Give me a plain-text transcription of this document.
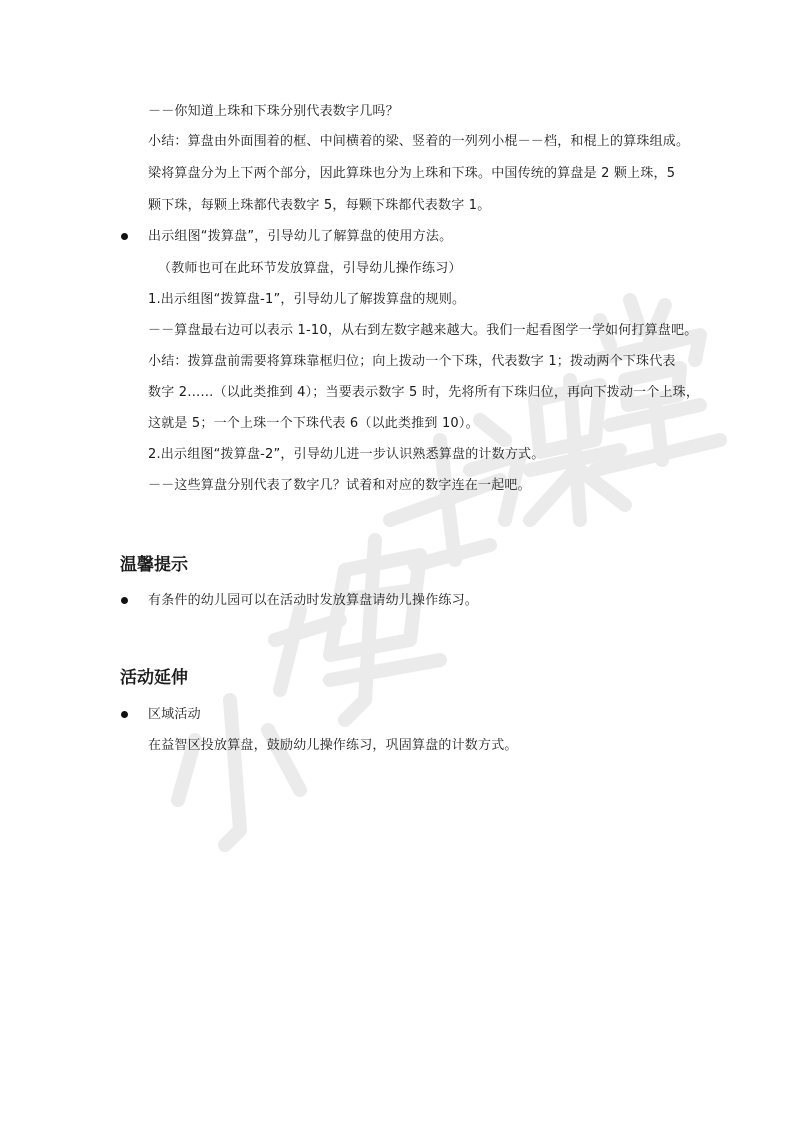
－－你知道上珠和下珠分别代表数字几吗？
小结：算盘由外面围着的框、中间横着的梁、竖着的一列列小棍－－档，和棍上的算珠组成。
梁将算盘分为上下两个部分，因此算珠也分为上珠和下珠。中国传统的算盘是 2 颗上珠，5
颗下珠，每颗上珠都代表数字 5，每颗下珠都代表数字 1。
出示组图“拨算盘”，引导幼儿了解算盘的使用方法。
（教师也可在此环节发放算盘，引导幼儿操作练习）
1.出示组图“拨算盘-1”，引导幼儿了解拨算盘的规则。
－－算盘最右边可以表示 1-10，从右到左数字越来越大。我们一起看图学一学如何打算盘吧。
小结：拨算盘前需要将算珠靠框归位；向上拨动一个下珠，代表数字 1；拨动两个下珠代表
数字 2……（以此类推到 4）；当要表示数字 5 时，先将所有下珠归位，再向下拨动一个上珠，
这就是 5；一个上珠一个下珠代表 6（以此类推到 10）。
2.出示组图“拨算盘-2”，引导幼儿进一步认识熟悉算盘的计数方式。
－－这些算盘分别代表了数字几？试着和对应的数字连在一起吧。
温馨提示
有条件的幼儿园可以在活动时发放算盘请幼儿操作练习。
活动延伸
区域活动
在益智区投放算盘，鼓励幼儿操作练习，巩固算盘的计数方式。
